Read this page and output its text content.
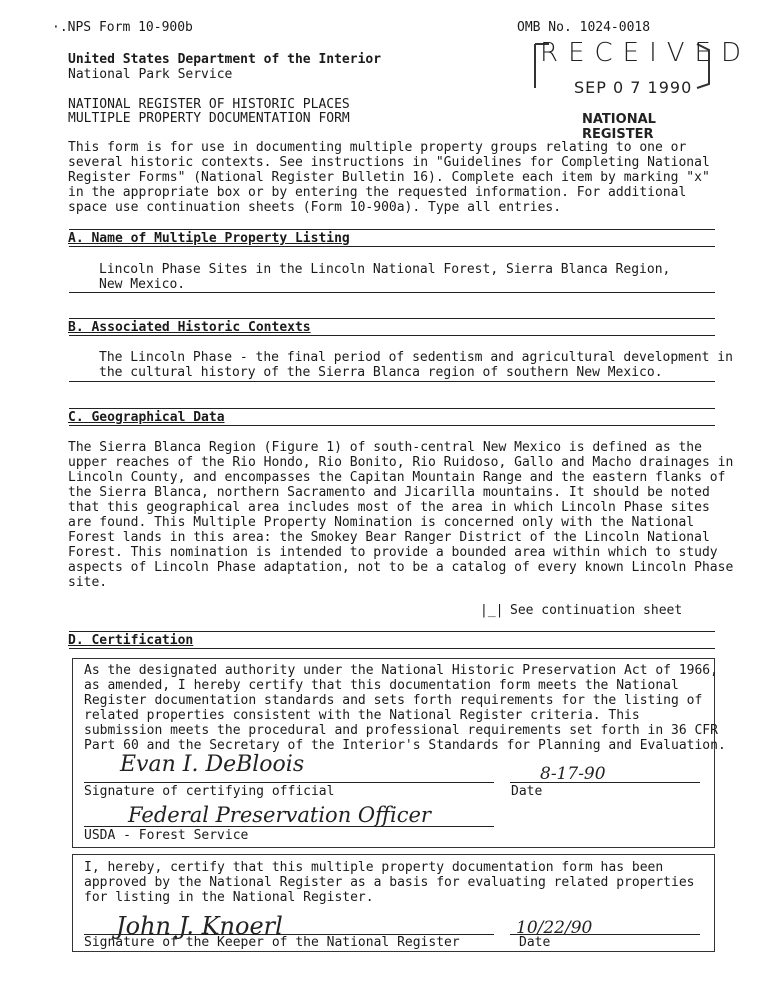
·.NPS Form 10-900b	OMB No. 1024-0018
United States Department of the Interior
National Park Service
NATIONAL REGISTER OF HISTORIC PLACES
MULTIPLE PROPERTY DOCUMENTATION FORM
RECEIVED
SEP 0 7 1990
NATIONAL
REGISTER
This form is for use in documenting multiple property groups relating to one or
several historic contexts. See instructions in "Guidelines for Completing National
Register Forms" (National Register Bulletin 16). Complete each item by marking "x"
in the appropriate box or by entering the requested information. For additional
space use continuation sheets (Form 10-900a). Type all entries.
A. Name of Multiple Property Listing
Lincoln Phase Sites in the Lincoln National Forest, Sierra Blanca Region,
New Mexico.
B. Associated Historic Contexts
The Lincoln Phase - the final period of sedentism and agricultural development in
the cultural history of the Sierra Blanca region of southern New Mexico.
C. Geographical Data
The Sierra Blanca Region (Figure 1) of south-central New Mexico is defined as the
upper reaches of the Rio Hondo, Rio Bonito, Rio Ruidoso, Gallo and Macho drainages in
Lincoln County, and encompasses the Capitan Mountain Range and the eastern flanks of
the Sierra Blanca, northern Sacramento and Jicarilla mountains. It should be noted
that this geographical area includes most of the area in which Lincoln Phase sites
are found. This Multiple Property Nomination is concerned only with the National
Forest lands in this area: the Smokey Bear Ranger District of the Lincoln National
Forest. This nomination is intended to provide a bounded area within which to study
aspects of Lincoln Phase adaptation, not to be a catalog of every known Lincoln Phase
site.
|_| See continuation sheet
D. Certification
As the designated authority under the National Historic Preservation Act of 1966,
as amended, I hereby certify that this documentation form meets the National
Register documentation standards and sets forth requirements for the listing of
related properties consistent with the National Register criteria. This
submission meets the procedural and professional requirements set forth in 36 CFR
Part 60 and the Secretary of the Interior's Standards for Planning and Evaluation.
Evan I. DeBloois	8-17-90
Signature of certifying official	Date
Federal Preservation Officer
USDA - Forest Service
I, hereby, certify that this multiple property documentation form has been
approved by the National Register as a basis for evaluating related properties
for listing in the National Register.
John J. Knoerl	10/22/90
Signature of the Keeper of the National Register	Date
